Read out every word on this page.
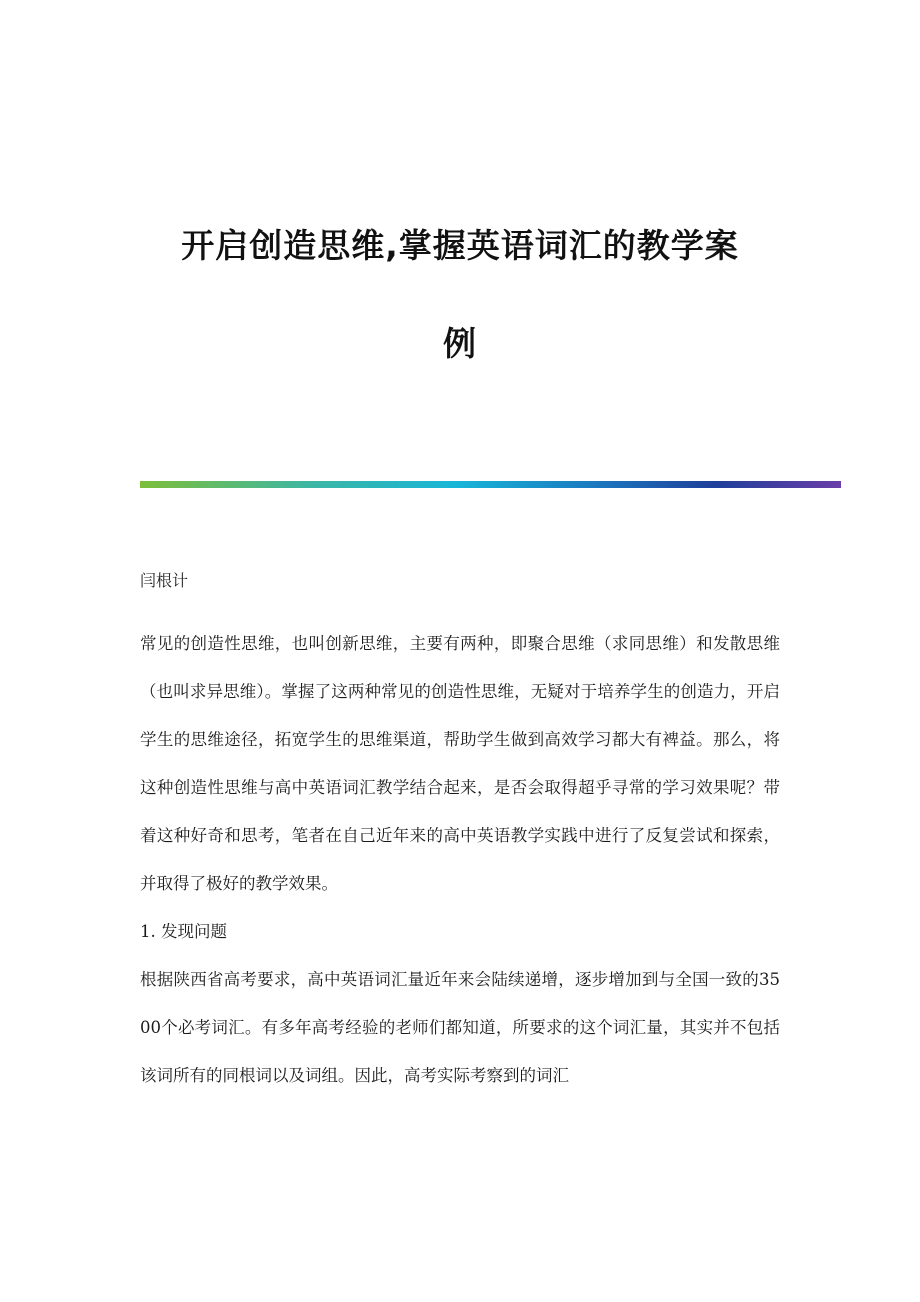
开启创造思维,掌握英语词汇的教学案
例

闫根计

常见的创造性思维，也叫创新思维，主要有两种，即聚合思维（求同思维）和发散思维（也叫求异思维）。掌握了这两种常见的创造性思维，无疑对于培养学生的创造力，开启学生的思维途径，拓宽学生的思维渠道，帮助学生做到高效学习都大有裨益。那么，将这种创造性思维与高中英语词汇教学结合起来，是否会取得超乎寻常的学习效果呢？带着这种好奇和思考，笔者在自己近年来的高中英语教学实践中进行了反复尝试和探索，并取得了极好的教学效果。

1. 发现问题

根据陕西省高考要求，高中英语词汇量近年来会陆续递增，逐步增加到与全国一致的3500个必考词汇。有多年高考经验的老师们都知道，所要求的这个词汇量，其实并不包括该词所有的同根词以及词组。因此，高考实际考察到的词汇
